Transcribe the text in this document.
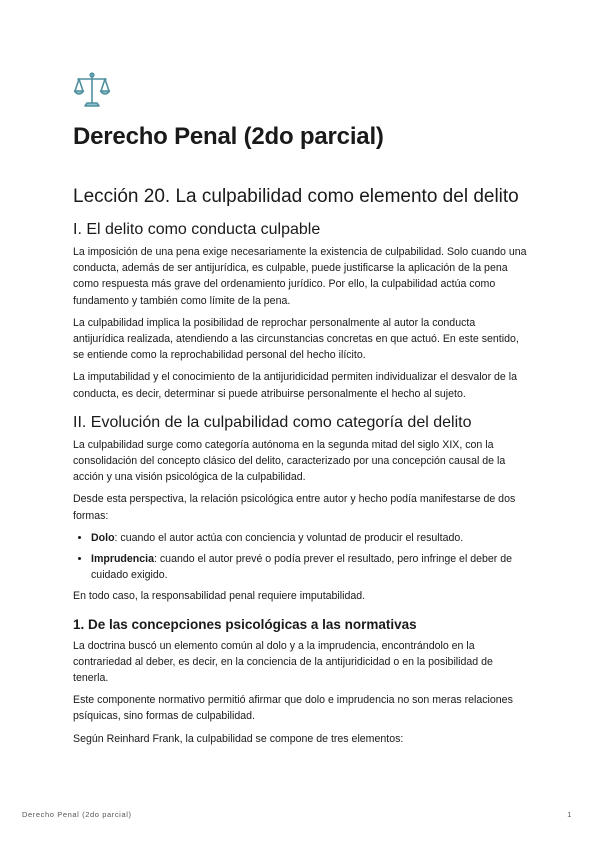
Derecho Penal (2do parcial)
Lección 20. La culpabilidad como elemento del delito
I. El delito como conducta culpable

La imposición de una pena exige necesariamente la existencia de culpabilidad. Solo cuando una conducta, además de ser antijurídica, es culpable, puede justificarse la aplicación de la pena como respuesta más grave del ordenamiento jurídico. Por ello, la culpabilidad actúa como fundamento y también como límite de la pena.

La culpabilidad implica la posibilidad de reprochar personalmente al autor la conducta antijurídica realizada, atendiendo a las circunstancias concretas en que actuó. En este sentido, se entiende como la reprochabilidad personal del hecho ilícito.

La imputabilidad y el conocimiento de la antijuridicidad permiten individualizar el desvalor de la conducta, es decir, determinar si puede atribuirse personalmente el hecho al sujeto.

II. Evolución de la culpabilidad como categoría del delito

La culpabilidad surge como categoría autónoma en la segunda mitad del siglo XIX, con la consolidación del concepto clásico del delito, caracterizado por una concepción causal de la acción y una visión psicológica de la culpabilidad.

Desde esta perspectiva, la relación psicológica entre autor y hecho podía manifestarse de dos formas:

• Dolo: cuando el autor actúa con conciencia y voluntad de producir el resultado.
• Imprudencia: cuando el autor prevé o podía prever el resultado, pero infringe el deber de cuidado exigido.

En todo caso, la responsabilidad penal requiere imputabilidad.

1. De las concepciones psicológicas a las normativas

La doctrina buscó un elemento común al dolo y a la imprudencia, encontrándolo en la contrariedad al deber, es decir, en la conciencia de la antijuridicidad o en la posibilidad de tenerla.

Este componente normativo permitió afirmar que dolo e imprudencia no son meras relaciones psíquicas, sino formas de culpabilidad.

Según Reinhard Frank, la culpabilidad se compone de tres elementos:

Derecho Penal (2do parcial)	1
